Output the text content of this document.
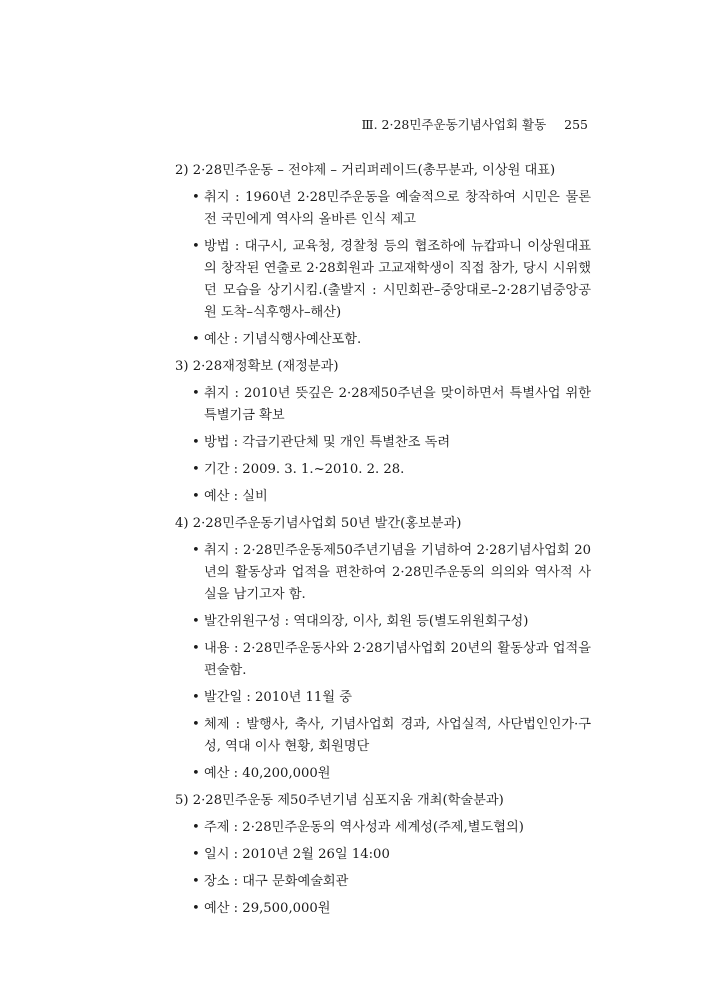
Ⅲ. 2·28민주운동기념사업회 활동 255
2) 2·28민주운동 – 전야제 – 거리퍼레이드(총무분과, 이상원 대표)
• 취지 : 1960년 2·28민주운동을 예술적으로 창작하여 시민은 물론 전 국민에게 역사의 올바른 인식 제고
• 방법 : 대구시, 교육청, 경찰청 등의 협조하에 뉴캅파니 이상원대표의 창작된 연출로 2·28회원과 고교재학생이 직접 참가, 당시 시위했던 모습을 상기시킴.(출발지 : 시민회관–중앙대로–2·28기념중앙공원 도착–식후행사–해산)
• 예산 : 기념식행사예산포함.
3) 2·28재정확보 (재정분과)
• 취지 : 2010년 뜻깊은 2·28제50주년을 맞이하면서 특별사업 위한 특별기금 확보
• 방법 : 각급기관단체 및 개인 특별찬조 독려
• 기간 : 2009. 3. 1.~2010. 2. 28.
• 예산 : 실비
4) 2·28민주운동기념사업회 50년 발간(홍보분과)
• 취지 : 2·28민주운동제50주년기념을 기념하여 2·28기념사업회 20년의 활동상과 업적을 편찬하여 2·28민주운동의 의의와 역사적 사실을 남기고자 함.
• 발간위원구성 : 역대의장, 이사, 회원 등(별도위원회구성)
• 내용 : 2·28민주운동사와 2·28기념사업회 20년의 활동상과 업적을 편술함.
• 발간일 : 2010년 11월 중
• 체제 : 발행사, 축사, 기념사업회 경과, 사업실적, 사단법인인가·구성, 역대 이사 현황, 회원명단
• 예산 : 40,200,000원
5) 2·28민주운동 제50주년기념 심포지움 개최(학술분과)
• 주제 : 2·28민주운동의 역사성과 세계성(주제,별도협의)
• 일시 : 2010년 2월 26일 14:00
• 장소 : 대구 문화예술회관
• 예산 : 29,500,000원
